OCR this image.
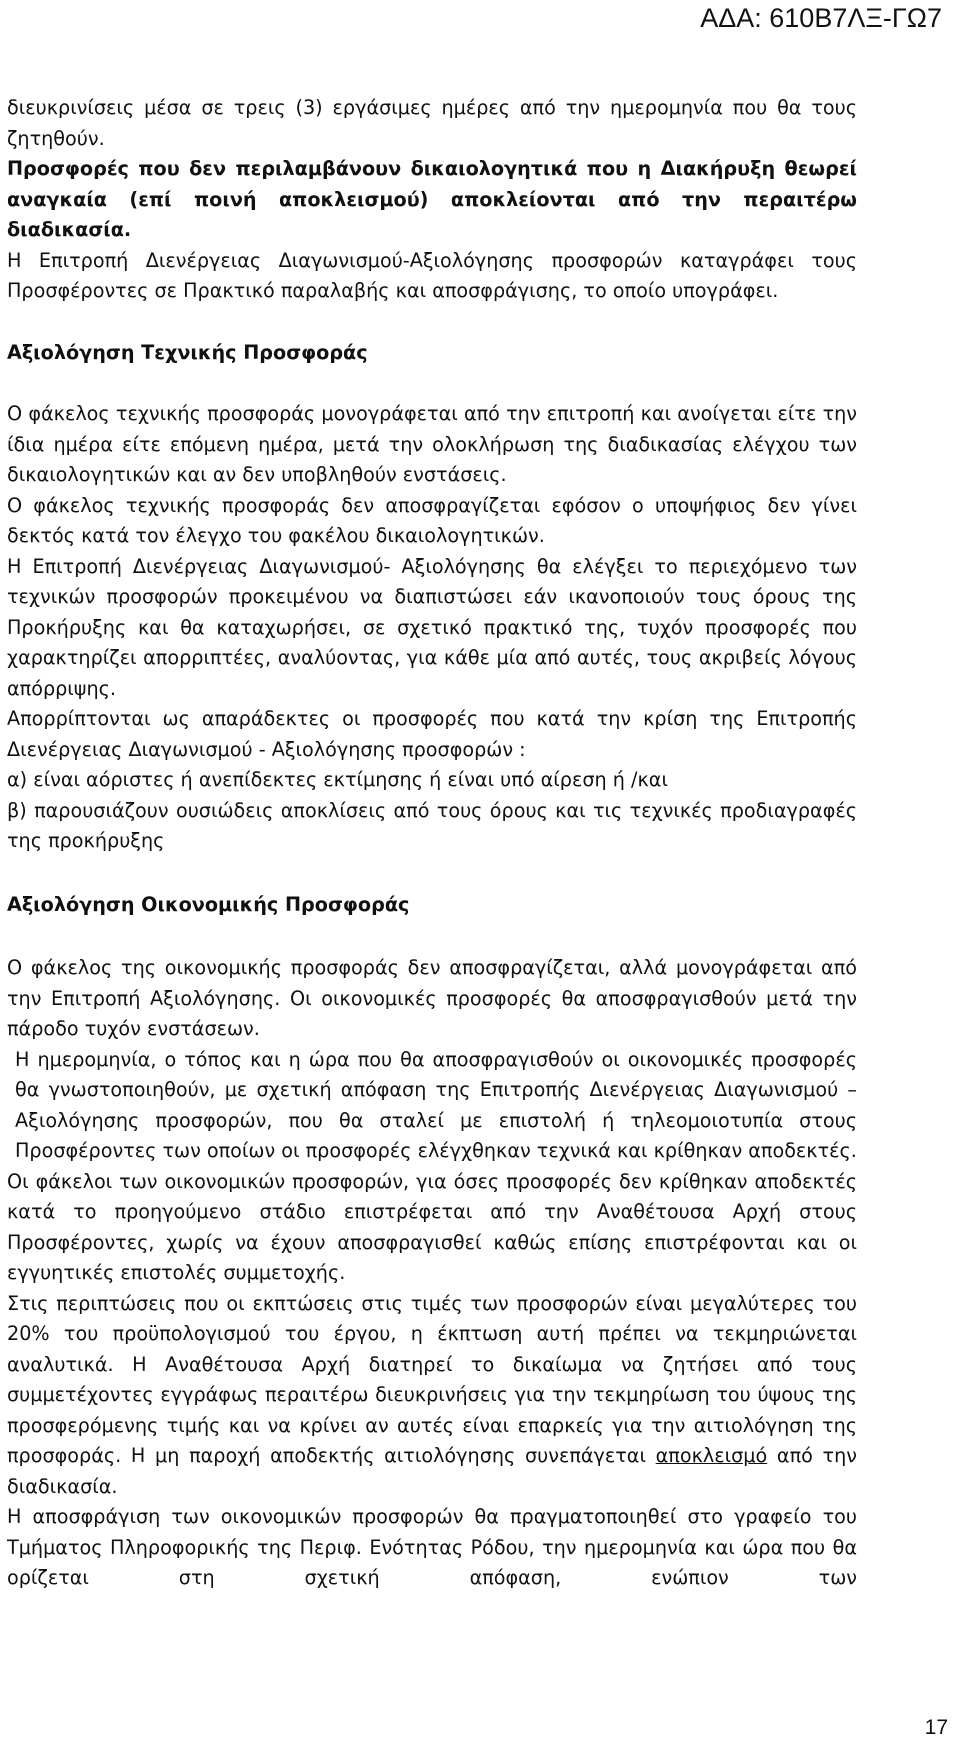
ΑΔΑ: 610Β7ΛΞ-ΓΩ7

διευκρινίσεις μέσα σε τρεις (3) εργάσιμες ημέρες από την ημερομηνία που θα τους ζητηθούν.

Προσφορές που δεν περιλαμβάνουν δικαιολογητικά που η Διακήρυξη θεωρεί αναγκαία (επί ποινή αποκλεισμού) αποκλείονται από την περαιτέρω διαδικασία.

Η Επιτροπή Διενέργειας Διαγωνισμού-Αξιολόγησης προσφορών καταγράφει τους Προσφέροντες σε Πρακτικό παραλαβής και αποσφράγισης, το οποίο υπογράφει.

Αξιολόγηση Τεχνικής Προσφοράς

Ο φάκελος τεχνικής προσφοράς μονογράφεται από την επιτροπή και ανοίγεται είτε την ίδια ημέρα είτε επόμενη ημέρα, μετά την ολοκλήρωση της διαδικασίας ελέγχου των δικαιολογητικών και αν δεν υποβληθούν ενστάσεις.

Ο φάκελος τεχνικής προσφοράς δεν αποσφραγίζεται εφόσον ο υποψήφιος δεν γίνει δεκτός κατά τον έλεγχο του φακέλου δικαιολογητικών.

Η Επιτροπή Διενέργειας Διαγωνισμού- Αξιολόγησης θα ελέγξει το περιεχόμενο των τεχνικών προσφορών προκειμένου να διαπιστώσει εάν ικανοποιούν τους όρους της Προκήρυξης και θα καταχωρήσει, σε σχετικό πρακτικό της, τυχόν προσφορές που χαρακτηρίζει απορριπτέες, αναλύοντας, για κάθε μία από αυτές, τους ακριβείς λόγους απόρριψης.

Απορρίπτονται ως απαράδεκτες οι προσφορές που κατά την κρίση της Επιτροπής Διενέργειας Διαγωνισμού - Αξιολόγησης προσφορών :

α) είναι αόριστες ή ανεπίδεκτες εκτίμησης ή είναι υπό αίρεση ή /και

β) παρουσιάζουν ουσιώδεις αποκλίσεις από τους όρους και τις τεχνικές προδιαγραφές της προκήρυξης

Αξιολόγηση Οικονομικής Προσφοράς

Ο φάκελος της οικονομικής προσφοράς δεν αποσφραγίζεται, αλλά μονογράφεται από την Επιτροπή Αξιολόγησης. Οι οικονομικές προσφορές θα αποσφραγισθούν μετά την πάροδο τυχόν ενστάσεων.

Η ημερομηνία, ο τόπος και η ώρα που θα αποσφραγισθούν οι οικονομικές προσφορές θα γνωστοποιηθούν, με σχετική απόφαση της Επιτροπής Διενέργειας Διαγωνισμού – Αξιολόγησης προσφορών, που θα σταλεί με επιστολή ή τηλεομοιοτυπία στους Προσφέροντες των οποίων οι προσφορές ελέγχθηκαν τεχνικά και κρίθηκαν αποδεκτές.

Οι φάκελοι των οικονομικών προσφορών, για όσες προσφορές δεν κρίθηκαν αποδεκτές κατά το προηγούμενο στάδιο επιστρέφεται από την Αναθέτουσα Αρχή στους Προσφέροντες, χωρίς να έχουν αποσφραγισθεί καθώς επίσης επιστρέφονται και οι εγγυητικές επιστολές συμμετοχής.

Στις περιπτώσεις που οι εκπτώσεις στις τιμές των προσφορών είναι μεγαλύτερες του 20% του προϋπολογισμού του έργου, η έκπτωση αυτή πρέπει να τεκμηριώνεται αναλυτικά. Η Αναθέτουσα Αρχή διατηρεί το δικαίωμα να ζητήσει από τους συμμετέχοντες εγγράφως περαιτέρω διευκρινήσεις για την τεκμηρίωση του ύψους της προσφερόμενης τιμής και να κρίνει αν αυτές είναι επαρκείς για την αιτιολόγηση της προσφοράς. Η μη παροχή αποδεκτής αιτιολόγησης συνεπάγεται αποκλεισμό από την διαδικασία.

Η αποσφράγιση των οικονομικών προσφορών θα πραγματοποιηθεί στο γραφείο του Τμήματος Πληροφορικής της Περιφ. Ενότητας Ρόδου, την ημερομηνία και ώρα που θα ορίζεται στη σχετική απόφαση, ενώπιον των

17
